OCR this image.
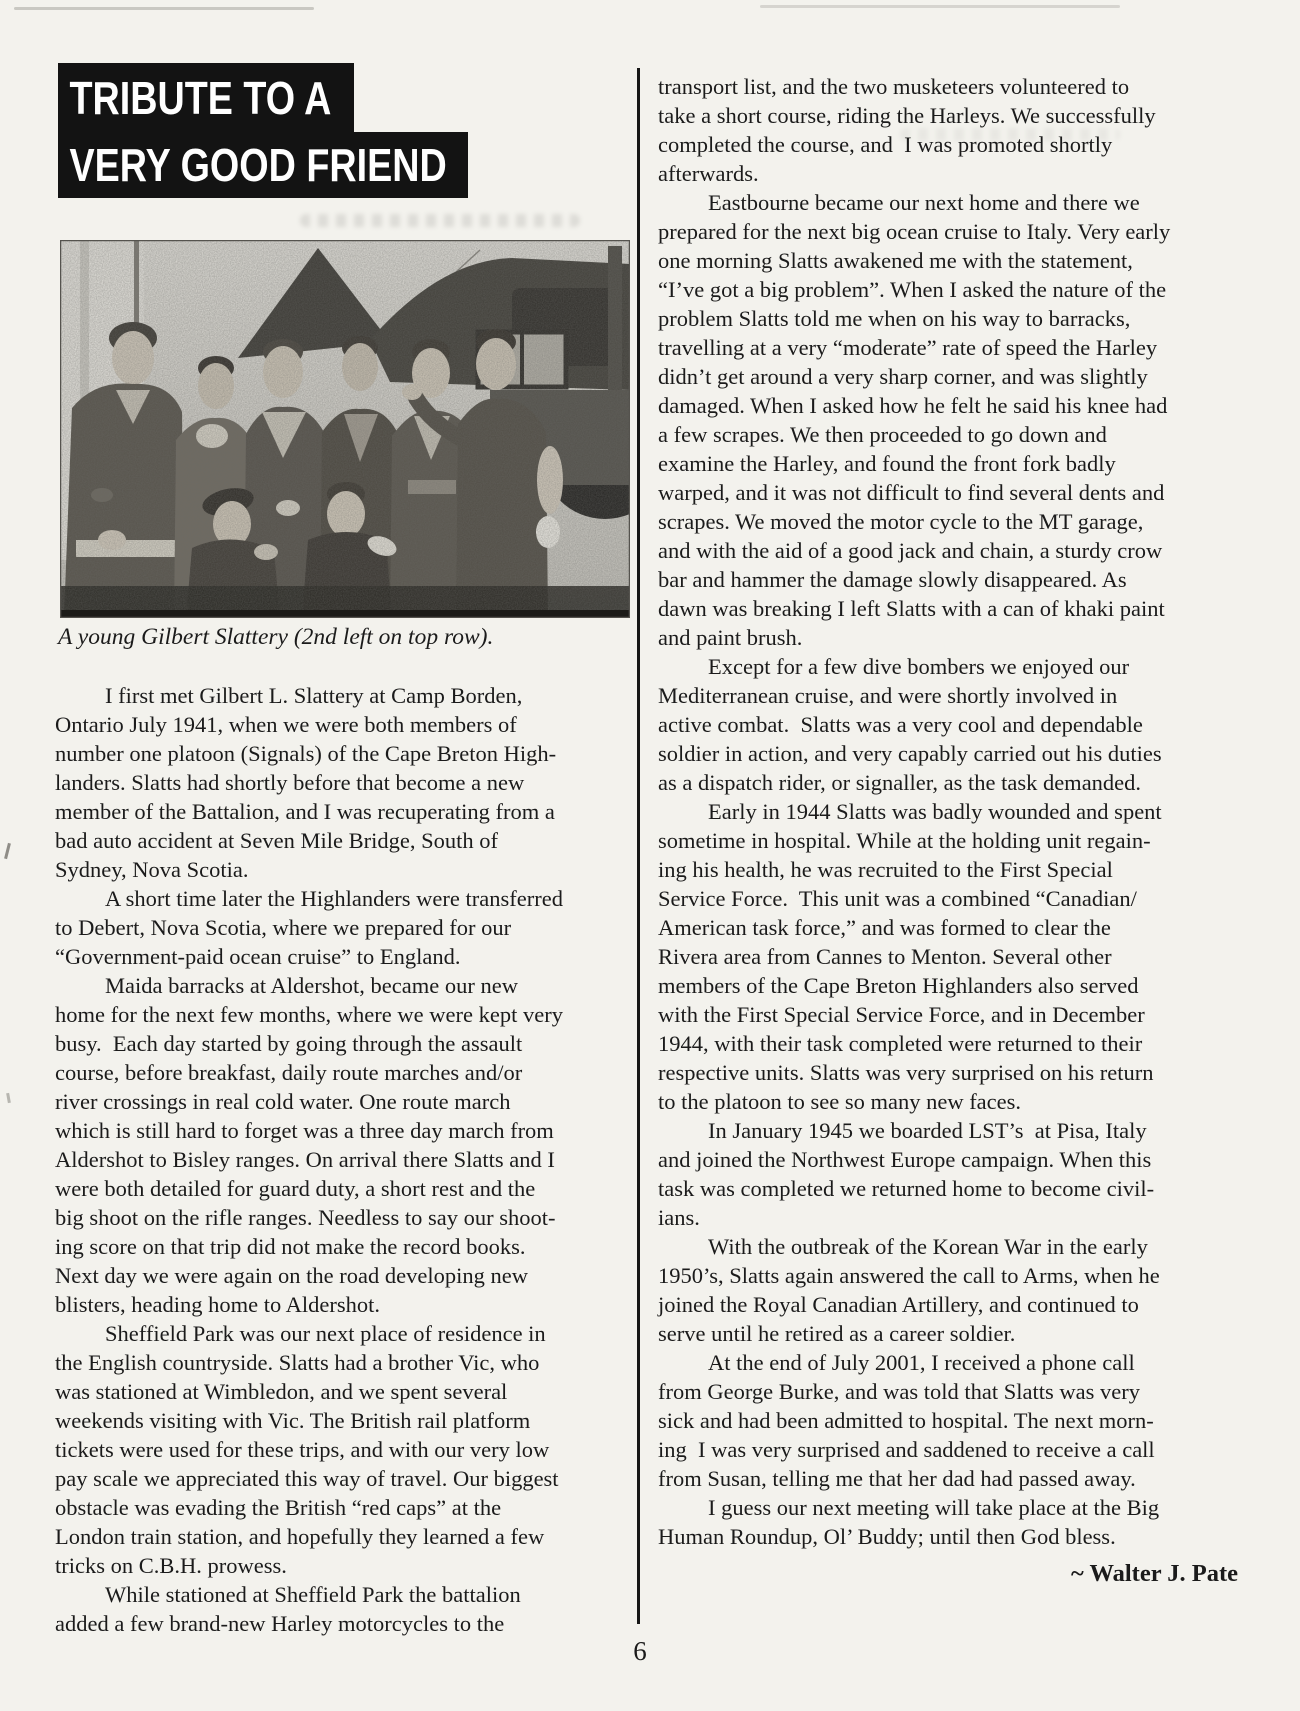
TRIBUTE TO A
VERY GOOD FRIEND
A young Gilbert Slattery (2nd left on top row).
I first met Gilbert L. Slattery at Camp Borden,
Ontario July 1941, when we were both members of
number one platoon (Signals) of the Cape Breton High-
landers. Slatts had shortly before that become a new
member of the Battalion, and I was recuperating from a
bad auto accident at Seven Mile Bridge, South of
Sydney, Nova Scotia.
A short time later the Highlanders were transferred
to Debert, Nova Scotia, where we prepared for our
“Government-paid ocean cruise” to England.
Maida barracks at Aldershot, became our new
home for the next few months, where we were kept very
busy.  Each day started by going through the assault
course, before breakfast, daily route marches and/or
river crossings in real cold water. One route march
which is still hard to forget was a three day march from
Aldershot to Bisley ranges. On arrival there Slatts and I
were both detailed for guard duty, a short rest and the
big shoot on the rifle ranges. Needless to say our shoot-
ing score on that trip did not make the record books.
Next day we were again on the road developing new
blisters, heading home to Aldershot.
Sheffield Park was our next place of residence in
the English countryside. Slatts had a brother Vic, who
was stationed at Wimbledon, and we spent several
weekends visiting with Vic. The British rail platform
tickets were used for these trips, and with our very low
pay scale we appreciated this way of travel. Our biggest
obstacle was evading the British “red caps” at the
London train station, and hopefully they learned a few
tricks on C.B.H. prowess.
While stationed at Sheffield Park the battalion
added a few brand-new Harley motorcycles to the
transport list, and the two musketeers volunteered to
take a short course, riding the Harleys. We successfully
completed the course, and  I was promoted shortly
afterwards.
Eastbourne became our next home and there we
prepared for the next big ocean cruise to Italy. Very early
one morning Slatts awakened me with the statement,
“I’ve got a big problem”. When I asked the nature of the
problem Slatts told me when on his way to barracks,
travelling at a very “moderate” rate of speed the Harley
didn’t get around a very sharp corner, and was slightly
damaged. When I asked how he felt he said his knee had
a few scrapes. We then proceeded to go down and
examine the Harley, and found the front fork badly
warped, and it was not difficult to find several dents and
scrapes. We moved the motor cycle to the MT garage,
and with the aid of a good jack and chain, a sturdy crow
bar and hammer the damage slowly disappeared. As
dawn was breaking I left Slatts with a can of khaki paint
and paint brush.
Except for a few dive bombers we enjoyed our
Mediterranean cruise, and were shortly involved in
active combat.  Slatts was a very cool and dependable
soldier in action, and very capably carried out his duties
as a dispatch rider, or signaller, as the task demanded.
Early in 1944 Slatts was badly wounded and spent
sometime in hospital. While at the holding unit regain-
ing his health, he was recruited to the First Special
Service Force.  This unit was a combined “Canadian/
American task force,” and was formed to clear the
Rivera area from Cannes to Menton. Several other
members of the Cape Breton Highlanders also served
with the First Special Service Force, and in December
1944, with their task completed were returned to their
respective units. Slatts was very surprised on his return
to the platoon to see so many new faces.
In January 1945 we boarded LST’s  at Pisa, Italy
and joined the Northwest Europe campaign. When this
task was completed we returned home to become civil-
ians.
With the outbreak of the Korean War in the early
1950’s, Slatts again answered the call to Arms, when he
joined the Royal Canadian Artillery, and continued to
serve until he retired as a career soldier.
At the end of July 2001, I received a phone call
from George Burke, and was told that Slatts was very
sick and had been admitted to hospital. The next morn-
ing  I was very surprised and saddened to receive a call
from Susan, telling me that her dad had passed away.
I guess our next meeting will take place at the Big
Human Roundup, Ol’ Buddy; until then God bless.
~ Walter J. Pate
6
